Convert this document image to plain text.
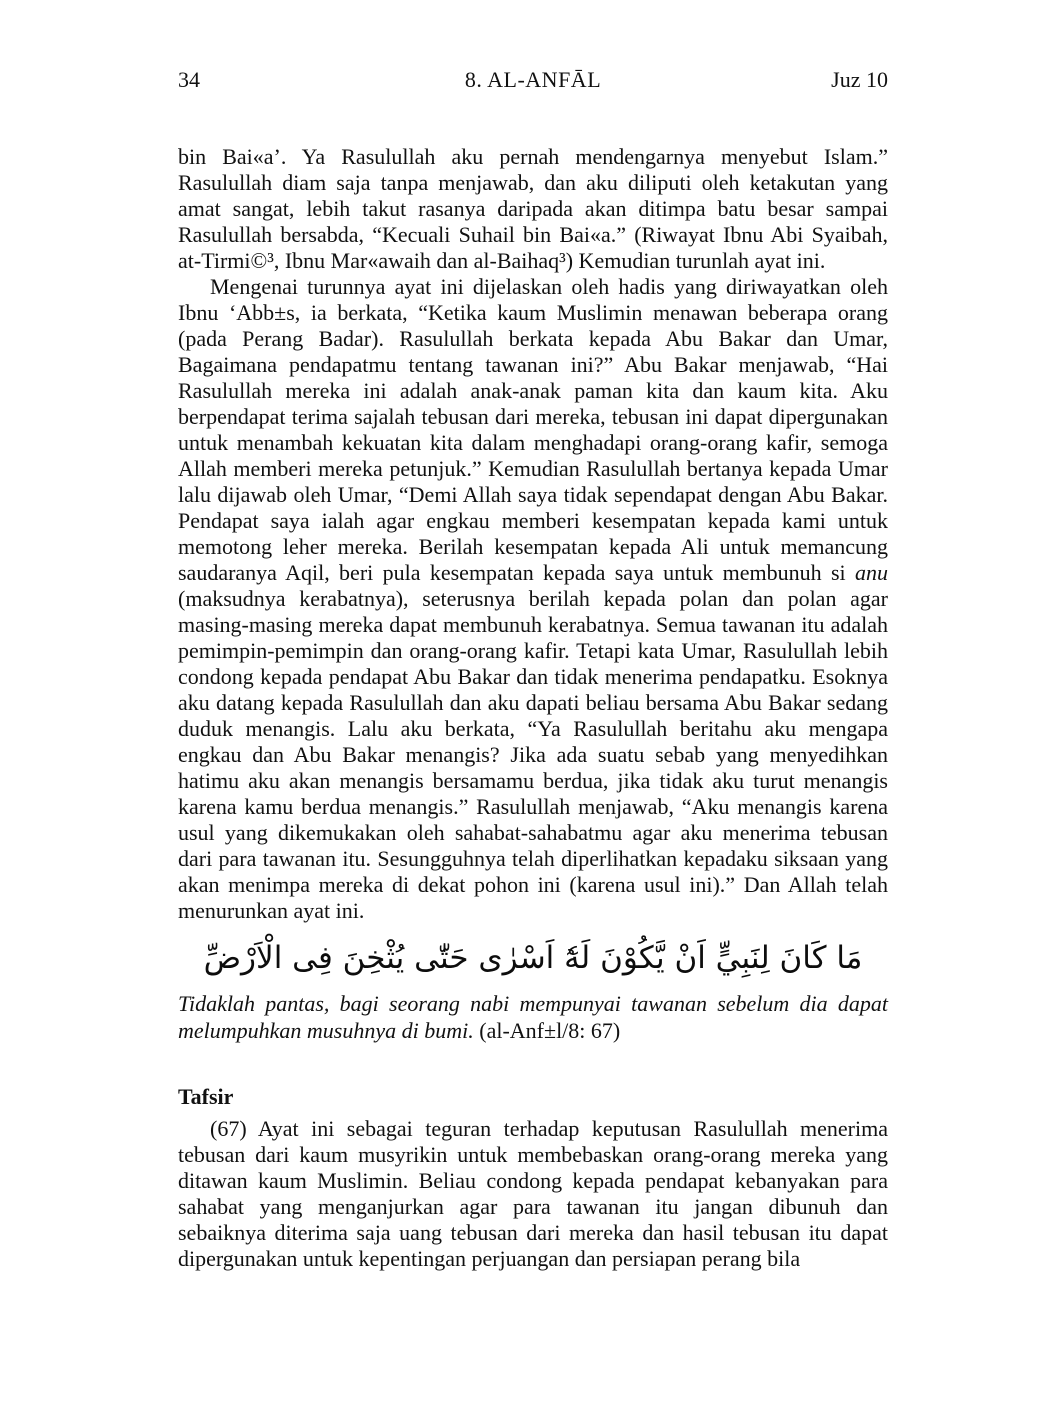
34	8. AL-ANFĀL	Juz 10

bin Bai«a’. Ya Rasulullah aku pernah mendengarnya menyebut Islam.” Rasulullah diam saja tanpa menjawab, dan aku diliputi oleh ketakutan yang amat sangat, lebih takut rasanya daripada akan ditimpa batu besar sampai Rasulullah bersabda, “Kecuali Suhail bin Bai«a.” (Riwayat Ibnu Abi Syaibah, at-Tirmi©³, Ibnu Mar«awaih dan al-Baihaq³) Kemudian turunlah ayat ini.

Mengenai turunnya ayat ini dijelaskan oleh hadis yang diriwayatkan oleh Ibnu ‘Abb±s, ia berkata, “Ketika kaum Muslimin menawan beberapa orang (pada Perang Badar). Rasulullah berkata kepada Abu Bakar dan Umar, Bagaimana pendapatmu tentang tawanan ini?” Abu Bakar menjawab, “Hai Rasulullah mereka ini adalah anak-anak paman kita dan kaum kita. Aku berpendapat terima sajalah tebusan dari mereka, tebusan ini dapat dipergunakan untuk menambah kekuatan kita dalam menghadapi orang-orang kafir, semoga Allah memberi mereka petunjuk.” Kemudian Rasulullah bertanya kepada Umar lalu dijawab oleh Umar, “Demi Allah saya tidak sependapat dengan Abu Bakar. Pendapat saya ialah agar engkau memberi kesempatan kepada kami untuk memotong leher mereka. Berilah kesempatan kepada Ali untuk memancung saudaranya Aqil, beri pula kesempatan kepada saya untuk membunuh si anu (maksudnya kerabatnya), seterusnya berilah kepada polan dan polan agar masing-masing mereka dapat membunuh kerabatnya. Semua tawanan itu adalah pemimpin-pemimpin dan orang-orang kafir. Tetapi kata Umar, Rasulullah lebih condong kepada pendapat Abu Bakar dan tidak menerima pendapatku. Esoknya aku datang kepada Rasulullah dan aku dapati beliau bersama Abu Bakar sedang duduk menangis. Lalu aku berkata, “Ya Rasulullah beritahu aku mengapa engkau dan Abu Bakar menangis? Jika ada suatu sebab yang menyedihkan hatimu aku akan menangis bersamamu berdua, jika tidak aku turut menangis karena kamu berdua menangis.” Rasulullah menjawab, “Aku menangis karena usul yang dikemukakan oleh sahabat-sahabatmu agar aku menerima tebusan dari para tawanan itu. Sesungguhnya telah diperlihatkan kepadaku siksaan yang akan menimpa mereka di dekat pohon ini (karena usul ini).” Dan Allah telah menurunkan ayat ini.

مَا كَانَ لِنَبِيٍّ اَنْ يَّكُوْنَ لَهٗٓ اَسْرٰى حَتّٰى يُثْخِنَ فِى الْاَرْضِّ

Tidaklah pantas, bagi seorang nabi mempunyai tawanan sebelum dia dapat melumpuhkan musuhnya di bumi. (al-Anf±l/8: 67)

Tafsir

(67) Ayat ini sebagai teguran terhadap keputusan Rasulullah menerima tebusan dari kaum musyrikin untuk membebaskan orang-orang mereka yang ditawan kaum Muslimin. Beliau condong kepada pendapat kebanyakan para sahabat yang menganjurkan agar para tawanan itu jangan dibunuh dan sebaiknya diterima saja uang tebusan dari mereka dan hasil tebusan itu dapat dipergunakan untuk kepentingan perjuangan dan persiapan perang bila
